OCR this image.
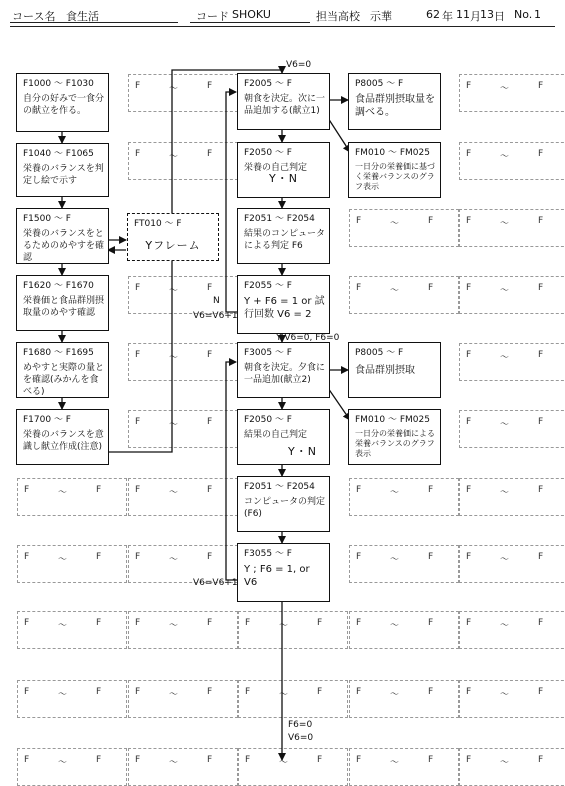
コース名 食生活	コード SHOKU	担当高校 示華	62 年 11 月 13 日 No. 1
F	～	F	F	～	F
F	～	F	F	～	F
F	～	F	F	～	F
F	～	F	F	～	F	F	～	F
F	～	F	F	～	F
F	～	F	F	～	F
F	～	F	F	～	F	F	～	F	F	～	F
F	～	F	F	～	F	F	～	F	F	～	F
F	～	F	F	～	F	F	～	F	F	～	F	F	～	F
F	～	F	F	～	F	F	～	F	F	～	F	F	～	F
F	～	F	F	～	F	F	～	F	F	～	F	F	～	F
F1000 ～ F1030
自分の好みで一食分の献立を作る。
F1040 ～ F1065
栄養のバランスを判定し絵で示す
F1500 ～ F
栄養のバランスをとるためのめやすを確認
F1620 ～ F1670
栄養価と食品群別摂取量のめやす確認
F1680 ～ F1695
めやすと実際の量とを確認(みかんを食べる)
F1700 ～ F
栄養のバランスを意識し献立作成(注意)
FT010 ～ F
Yフレーム
F2005 ～ F
朝食を決定。次に一品追加する(献立1)
F2050 ～ F
栄養の自己判定
Y・N
F2051 ～ F2054
結果のコンピュータによる判定 F6
F2055 ～ F
Y + F6 = 1 or 試行回数 V6 = 2
F3005 ～ F
朝食を決定。夕食に一品追加(献立2)
F2050 ～ F
結果の自己判定
Y・N
F2051 ～ F2054
コンピュータの判定 (F6)
F3055 ～ F
Y ; F6 = 1, or V6
P8005 ～ F
食品群別摂取量を調べる。
FM010 ～ FM025
一日分の栄養価に基づく栄養バランスのグラフ表示
P8005 ～ F
食品群別摂取
FM010 ～ FM025
一日分の栄養価による栄養バランスのグラフ表示
V6=0
N
V6=V6+1
Y V6=0, F6=0
V6=V6+1
F6=0
V6=0
